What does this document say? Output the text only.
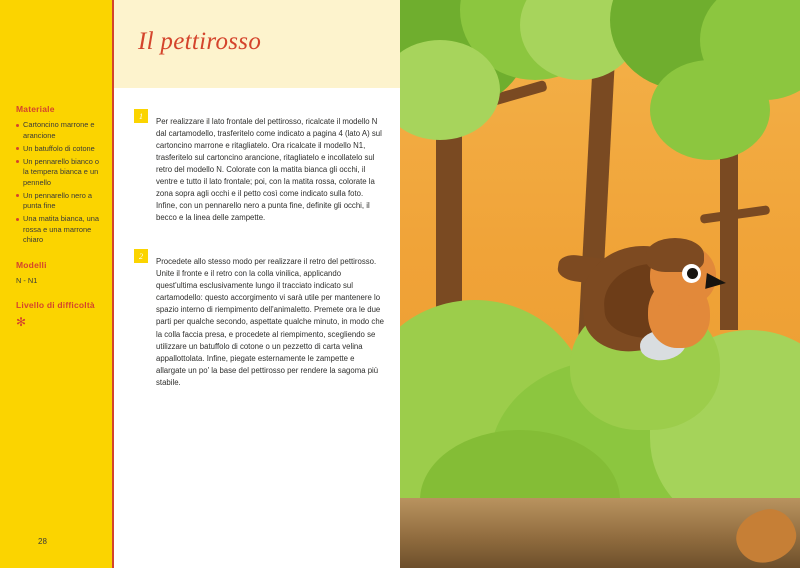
Materiale
Cartoncino marrone e arancione
Un batuffolo di cotone
Un pennarello bianco o la tempera bianca e un pennello
Un pennarello nero a punta fine
Una matita bianca, una rossa e una marrone chiaro
Modelli

N - N1

Livello di difficoltà
✻
28
Il pettirosso
1

Per realizzare il lato frontale del pettirosso, ricalcate il modello N dal cartamodello, trasferitelo come indicato a pagina 4 (lato A) sul cartoncino marrone e ritagliatelo. Ora ricalcate il modello N1, trasferitelo sul cartoncino arancione, ritagliatelo e incollatelo sul retro del modello N. Colorate con la matita bianca gli occhi, il ventre e tutto il lato frontale; poi, con la matita rossa, colorate la zona sopra agli occhi e il petto così come indicato sulla foto. Infine, con un pennarello nero a punta fine, definite gli occhi, il becco e la linea delle zampette.

2

Procedete allo stesso modo per realizzare il retro del pettirosso. Unite il fronte e il retro con la colla vinilica, applicando quest'ultima esclusivamente lungo il tracciato indicato sul cartamodello: questo accorgimento vi sarà utile per mantenere lo spazio interno di riempimento dell'animaletto. Premete ora le due parti per qualche secondo, aspettate qualche minuto, in modo che la colla faccia presa, e procedete al riempimento, scegliendo se utilizzare un batuffolo di cotone o un pezzetto di carta velina appallottolata. Infine, piegate esternamente le zampette e allargate un po' la base del pettirosso per rendere la sagoma più stabile.
